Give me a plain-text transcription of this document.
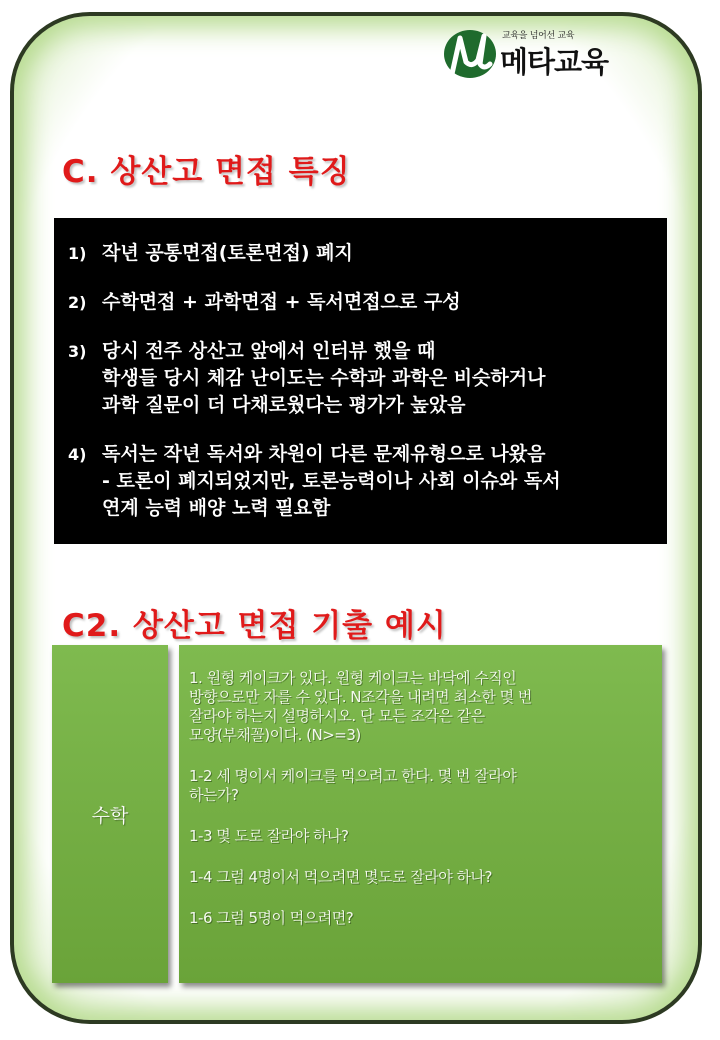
교육을 넘어선 교육
메타교육
C. 상산고 면접 특징
1) 작년 공통면접(토론면접) 폐지
2) 수학면접 + 과학면접 + 독서면접으로 구성
3) 당시 전주 상산고 앞에서 인터뷰 했을 때
학생들 당시 체감 난이도는 수학과 과학은 비슷하거나
과학 질문이 더 다채로웠다는 평가가 높았음
4) 독서는 작년 독서와 차원이 다른 문제유형으로 나왔음
- 토론이 폐지되었지만, 토론능력이나 사회 이슈와 독서
연계 능력 배양 노력 필요함
C2. 상산고 면접 기출 예시
수학
1. 원형 케이크가 있다. 원형 케이크는 바닥에 수직인
방향으로만 자를 수 있다. N조각을 내려면 최소한 몇 번
잘라야 하는지 설명하시오. 단 모든 조각은 같은
모양(부채꼴)이다. (N>=3)
1-2 세 명이서 케이크를 먹으려고 한다. 몇 번 잘라야
하는가?
1-3 몇 도로 잘라야 하나?
1-4 그럼 4명이서 먹으려면 몇도로 잘라야 하나?
1-6 그럼 5명이 먹으려면?
